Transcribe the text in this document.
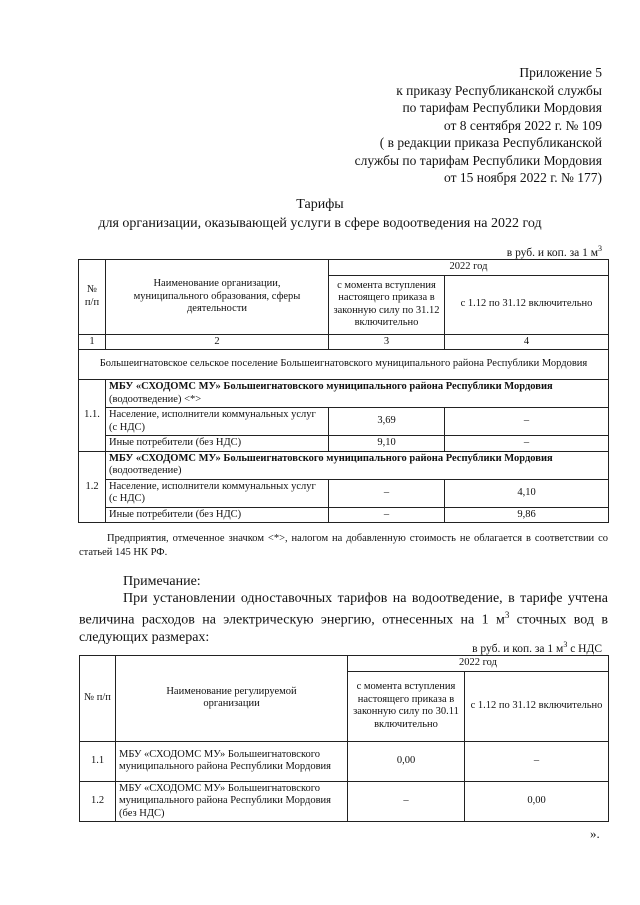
Приложение 5
к приказу Республиканской службы
по тарифам Республики Мордовия
от 8 сентября 2022 г. № 109
( в редакции приказа Республиканской
службы по тарифам Республики Мордовия
от 15 ноября 2022 г. № 177)
Тарифы
для организации, оказывающей услуги в сфере водоотведения на 2022 год
в руб. и коп. за 1 $м^3$
№ п/п	Наименование организации, муниципального образования, сферы деятельности	2022 год	
		с момента вступления настоящего приказа в законную силу по 31.12 включительно	с 1.12 по 31.12 включительно
1	2	3	4
Большеигнатовское сельское поселение Большеигнатовского муниципального района Республики Мордовия			
1.1.	МБУ «СХОДОМС МУ» Большеигнатовского муниципального района Республики Мордовия (водоотведение) <*>		
	Население, исполнители коммунальных услуг (с НДС)	3,69	–
	Иные потребители (без НДС)	9,10	–
1.2	МБУ «СХОДОМС МУ» Большеигнатовского муниципального района Республики Мордовия (водоотведение)		
	Население, исполнители коммунальных услуг (с НДС)	–	4,10
	Иные потребители (без НДС)	–	9,86
Предприятия, отмеченное значком <*>, налогом на добавленную стоимость не облагается в соответствии со статьей 145 НК РФ.
Примечание:
При установлении одноставочных тарифов на водоотведение, в тарифе учтена величина расходов на электрическую энергию, отнесенных на 1 $м^3$ сточных вод в следующих размерах:
в руб. и коп. за 1 $м^3$ с НДС
№ п/п	Наименование регулируемой организации	2022 год	
		с момента вступления настоящего приказа в законную силу по 30.11 включительно	с 1.12 по 31.12 включительно
1.1	МБУ «СХОДОМС МУ» Большеигнатовского муниципального района Республики Мордовия	0,00	–
1.2	МБУ «СХОДОМС МУ» Большеигнатовского муниципального района Республики Мордовия (без НДС)	–	0,00
».
